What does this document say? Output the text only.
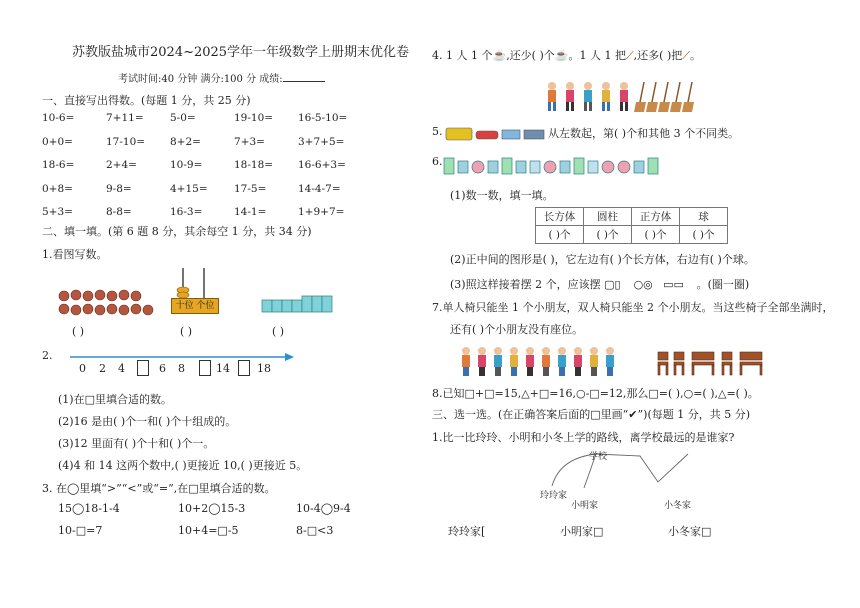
苏教版盐城市2024~2025学年一年级数学上册期末优化卷
考试时间:40 分钟 满分:100 分 成绩:
一、直接写出得数。(每题 1 分，共 25 分)
10-6=	7+11=	5-0=	19-10=	16-5-10=
0+0=	17-10=	8+2=	7+3=	3+7+5=
18-6=	2+4=	10-9=	18-18=	16-6+3=
0+8=	9-8=	4+15=	17-5=	14-4-7=
5+3=	8-8=	16-3=	14-1=	1+9+7=
二、填一填。(第 6 题 8 分，其余每空 1 分，共 34 分)
1.看图写数。
( )
十位 个位
( )	( )
2.
0 2 4	6 8	14 18
(1)在□里填合适的数。
(2)16 是由( )个一和( )个十组成的。
(3)12 里面有( )个十和( )个一。
(4)4 和 14 这两个数中,( )更接近 10,( )更接近 5。
3. 在◯里填“>”“<”或“=”,在□里填合适的数。
15◯18-1-4	10+2◯15-3	10-4◯9-4
10-□=7	10+4=□-5	8-□<3
4. 1 人 1 个☕,还少( )个☕。1 人 1 把⟋,还多( )把⟋。
5.	从左数起，第( )个和其他 3 个不同类。
6.
(1)数一数，填一填。
长方体	圆柱	正方体	球
( )个	( )个	( )个	( )个
(2)正中间的图形是( )，它左边有( )个长方体，右边有( )个球。
(3)照这样接着摆 2 个，应该摆 ▢▯ ○◎ ▭▭ 。(圈一圈)
7.单人椅只能坐 1 个小朋友，双人椅只能坐 2 个小朋友。当这些椅子全部坐满时，
还有( )个小朋友没有座位。
8.已知□+□=15,△+□=16,○-□=12,那么□=( ),○=( ),△=( )。
三、选一选。(在正确答案后面的□里画“✔”)(每题 1 分，共 5 分)
1.比一比玲玲、小明和小冬上学的路线，离学校最远的是谁家?
学校
玲玲家
小明家	小冬家
玲玲家[	小明家□	小冬家□
